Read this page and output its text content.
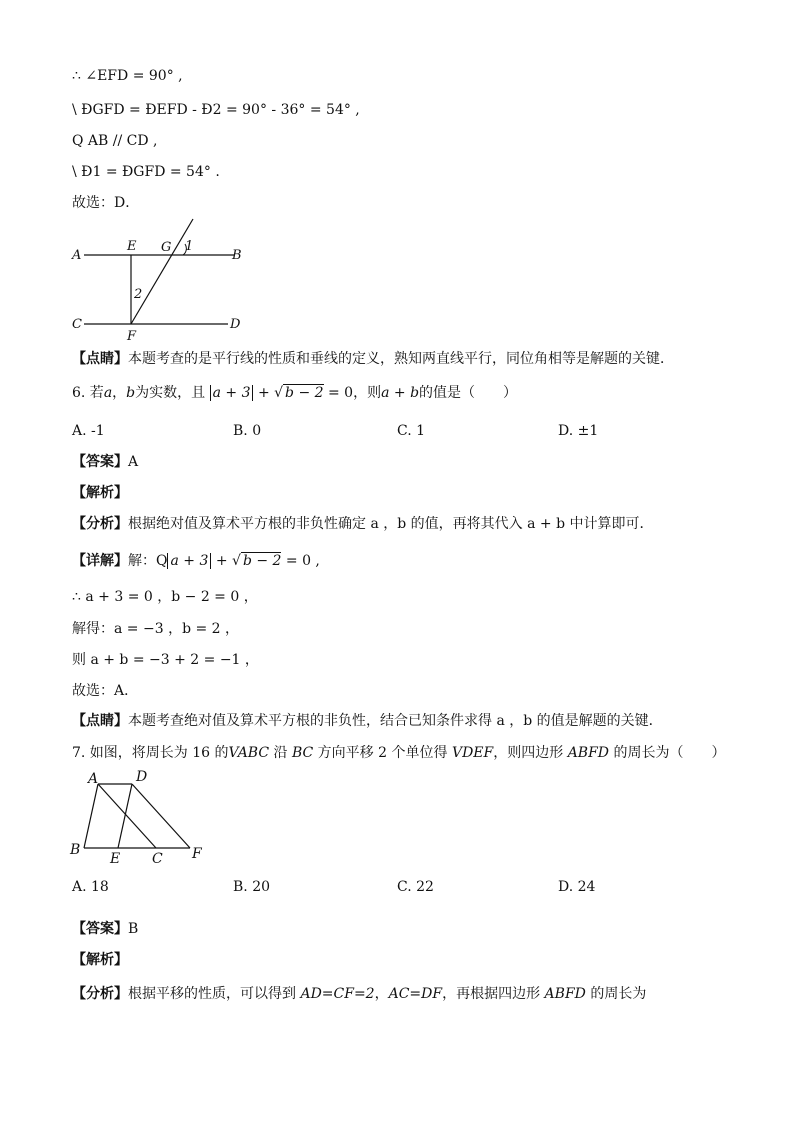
∴ ∠EFD = 90° ,
\ ÐGFD = ÐEFD - Ð2 = 90° - 36° = 54° ,
Q AB // CD ,
\ Ð1 = ÐGFD = 54° .
故选：D．
A
E G 1
B
2
C
F
D
【点睛】本题考查的是平行线的性质和垂线的定义，熟知两直线平行，同位角相等是解题的关键．
6. 若a，b为实数，且 a + 3 + √ b − 2 = 0，则a + b的值是（　　）
A. -1	B. 0	C. 1	D. ±1
【答案】A
【解析】
【分析】根据绝对值及算术平方根的非负性确定 a ，b 的值，再将其代入 a + b 中计算即可．
【详解】解：Q a + 3 + √ b − 2 = 0 ,
∴ a + 3 = 0 ，b − 2 = 0 ，
解得：a = −3 ，b = 2 ，
则 a + b = −3 + 2 = −1 ，
故选：A．
【点睛】本题考查绝对值及算术平方根的非负性，结合已知条件求得 a ，b 的值是解题的关键．
7. 如图，将周长为 16 的VABC 沿 BC 方向平移 2 个单位得 VDEF，则四边形 ABFD 的周长为（　　）
A	D
B
E C F
A. 18	B. 20	C. 22	D. 24
【答案】B
【解析】
【分析】根据平移的性质，可以得到 AD=CF=2，AC=DF，再根据四边形 ABFD 的周长为
